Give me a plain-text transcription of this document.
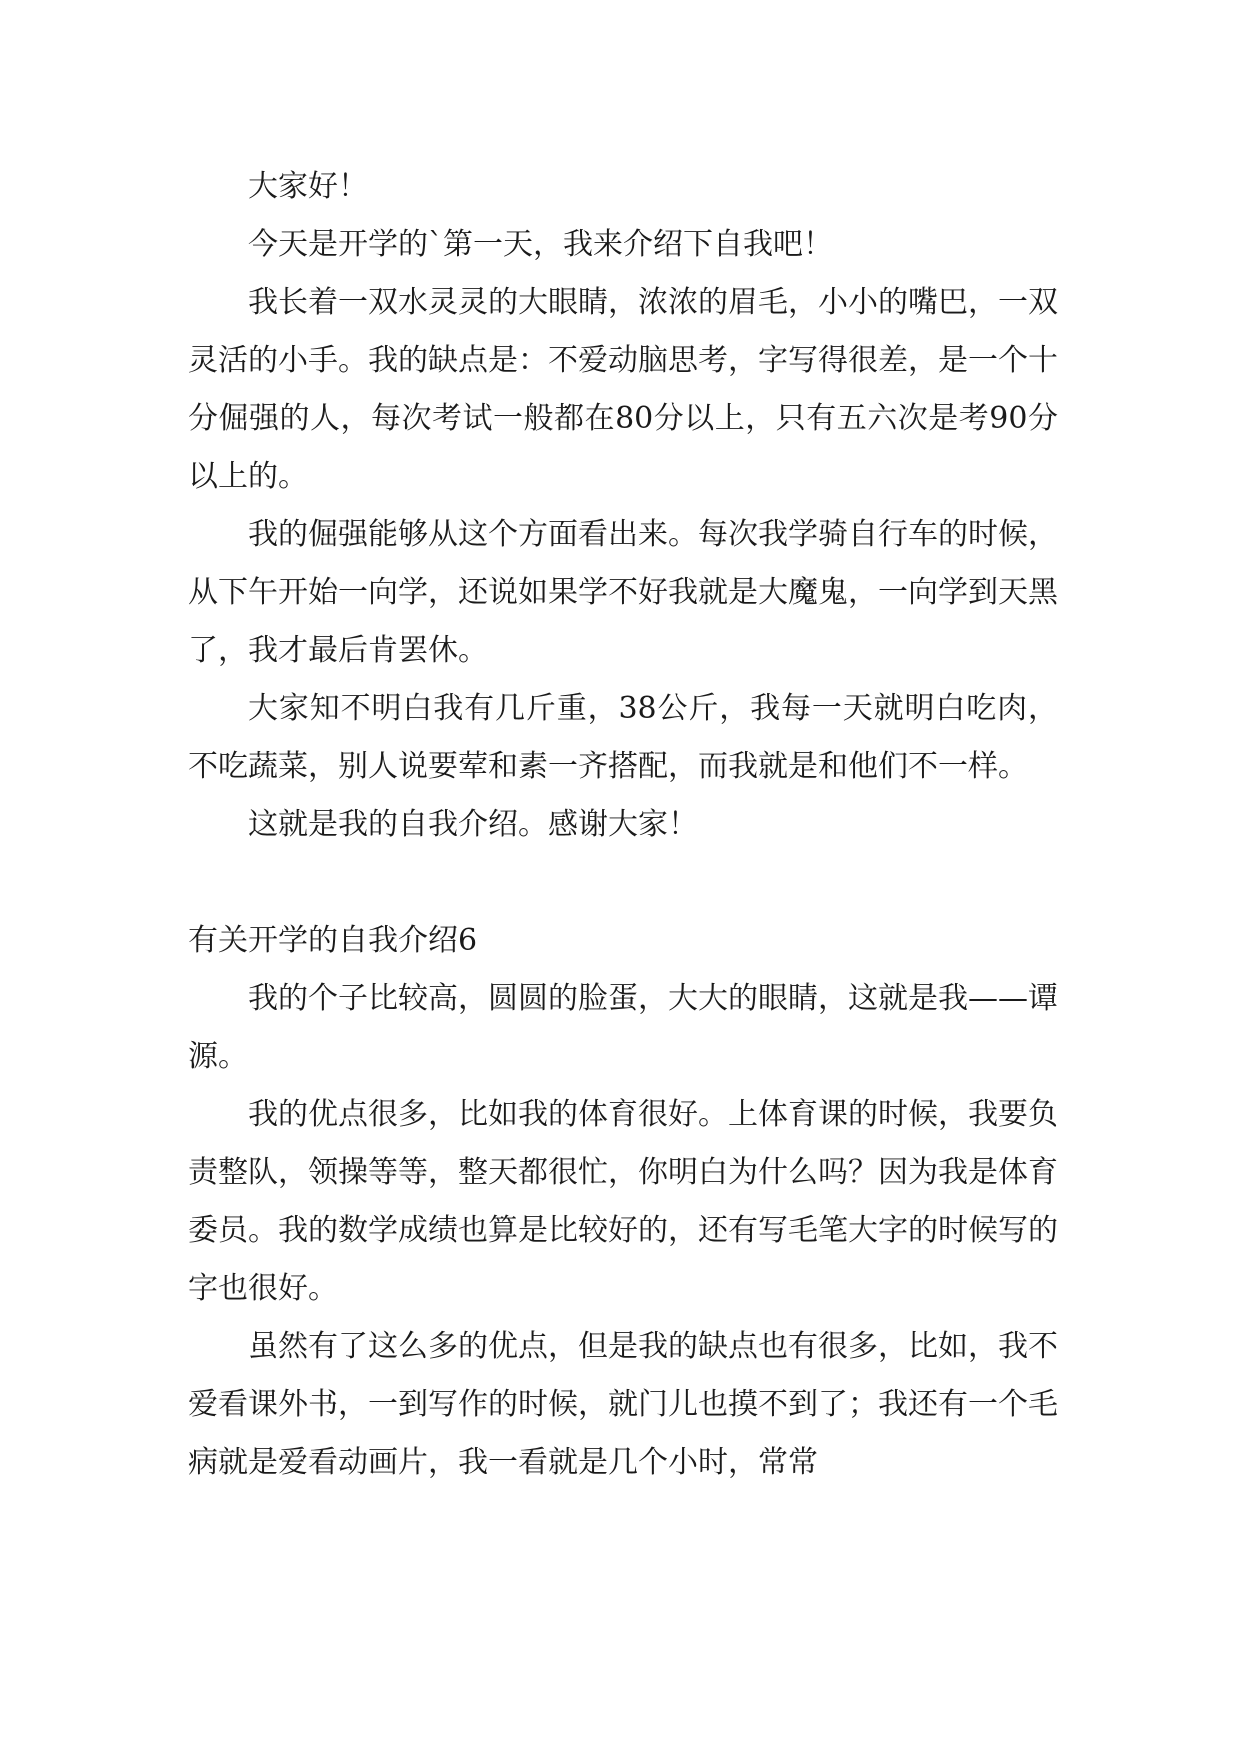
大家好！

今天是开学的`第一天，我来介绍下自我吧！

我长着一双水灵灵的大眼睛，浓浓的眉毛，小小的嘴巴，一双灵活的小手。我的缺点是：不爱动脑思考，字写得很差，是一个十分倔强的人，每次考试一般都在80分以上，只有五六次是考90分以上的。

我的倔强能够从这个方面看出来。每次我学骑自行车的时候，从下午开始一向学，还说如果学不好我就是大魔鬼，一向学到天黑了，我才最后肯罢休。

大家知不明白我有几斤重，38公斤，我每一天就明白吃肉，不吃蔬菜，别人说要荤和素一齐搭配，而我就是和他们不一样。

这就是我的自我介绍。感谢大家！

有关开学的自我介绍6

我的个子比较高，圆圆的脸蛋，大大的眼睛，这就是我——谭源。

我的优点很多，比如我的体育很好。上体育课的时候，我要负责整队，领操等等，整天都很忙，你明白为什么吗？因为我是体育委员。我的数学成绩也算是比较好的，还有写毛笔大字的时候写的字也很好。

虽然有了这么多的优点，但是我的缺点也有很多，比如，我不爱看课外书，一到写作的时候，就门儿也摸不到了；我还有一个毛病就是爱看动画片，我一看就是几个小时，常常
